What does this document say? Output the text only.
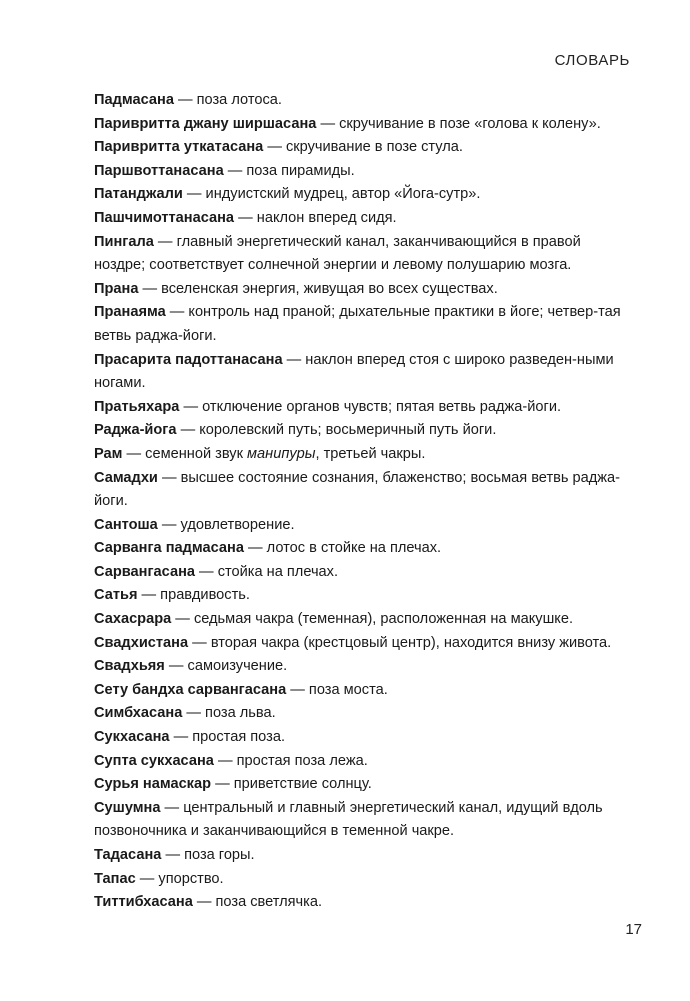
СЛОВАРЬ
Падмасана — поза лотоса.
Паривритта джану ширшасана — скручивание в позе «голова к колену».
Паривритта уткатасана — скручивание в позе стула.
Паршвоттанасана — поза пирамиды.
Патанджали — индуистский мудрец, автор «Йога-сутр».
Пашчимоттанасана — наклон вперед сидя.
Пингала — главный энергетический канал, заканчивающийся в правой ноздре; соответствует солнечной энергии и левому полушарию мозга.
Прана — вселенская энергия, живущая во всех существах.
Пранаяма — контроль над праной; дыхательные практики в йоге; четвер-тая ветвь раджа-йоги.
Прасарита падоттанасана — наклон вперед стоя с широко разведен-ными ногами.
Пратьяхара — отключение органов чувств; пятая ветвь раджа-йоги.
Раджа-йога — королевский путь; восьмеричный путь йоги.
Рам — семенной звук манипуры, третьей чакры.
Самадхи — высшее состояние сознания, блаженство; восьмая ветвь раджа-йоги.
Сантоша — удовлетворение.
Сарванга падмасана — лотос в стойке на плечах.
Сарвангасана — стойка на плечах.
Сатья — правдивость.
Сахасрара — седьмая чакра (теменная), расположенная на макушке.
Свадхистана — вторая чакра (крестцовый центр), находится внизу живота.
Свадхьяя — самоизучение.
Сету бандха сарвангасана — поза моста.
Симбхасана — поза льва.
Сукхасана — простая поза.
Супта сукхасана — простая поза лежа.
Сурья намаскар — приветствие солнцу.
Сушумна — центральный и главный энергетический канал, идущий вдоль позвоночника и заканчивающийся в теменной чакре.
Тадасана — поза горы.
Тапас — упорство.
Титтибхасана — поза светлячка.
17
